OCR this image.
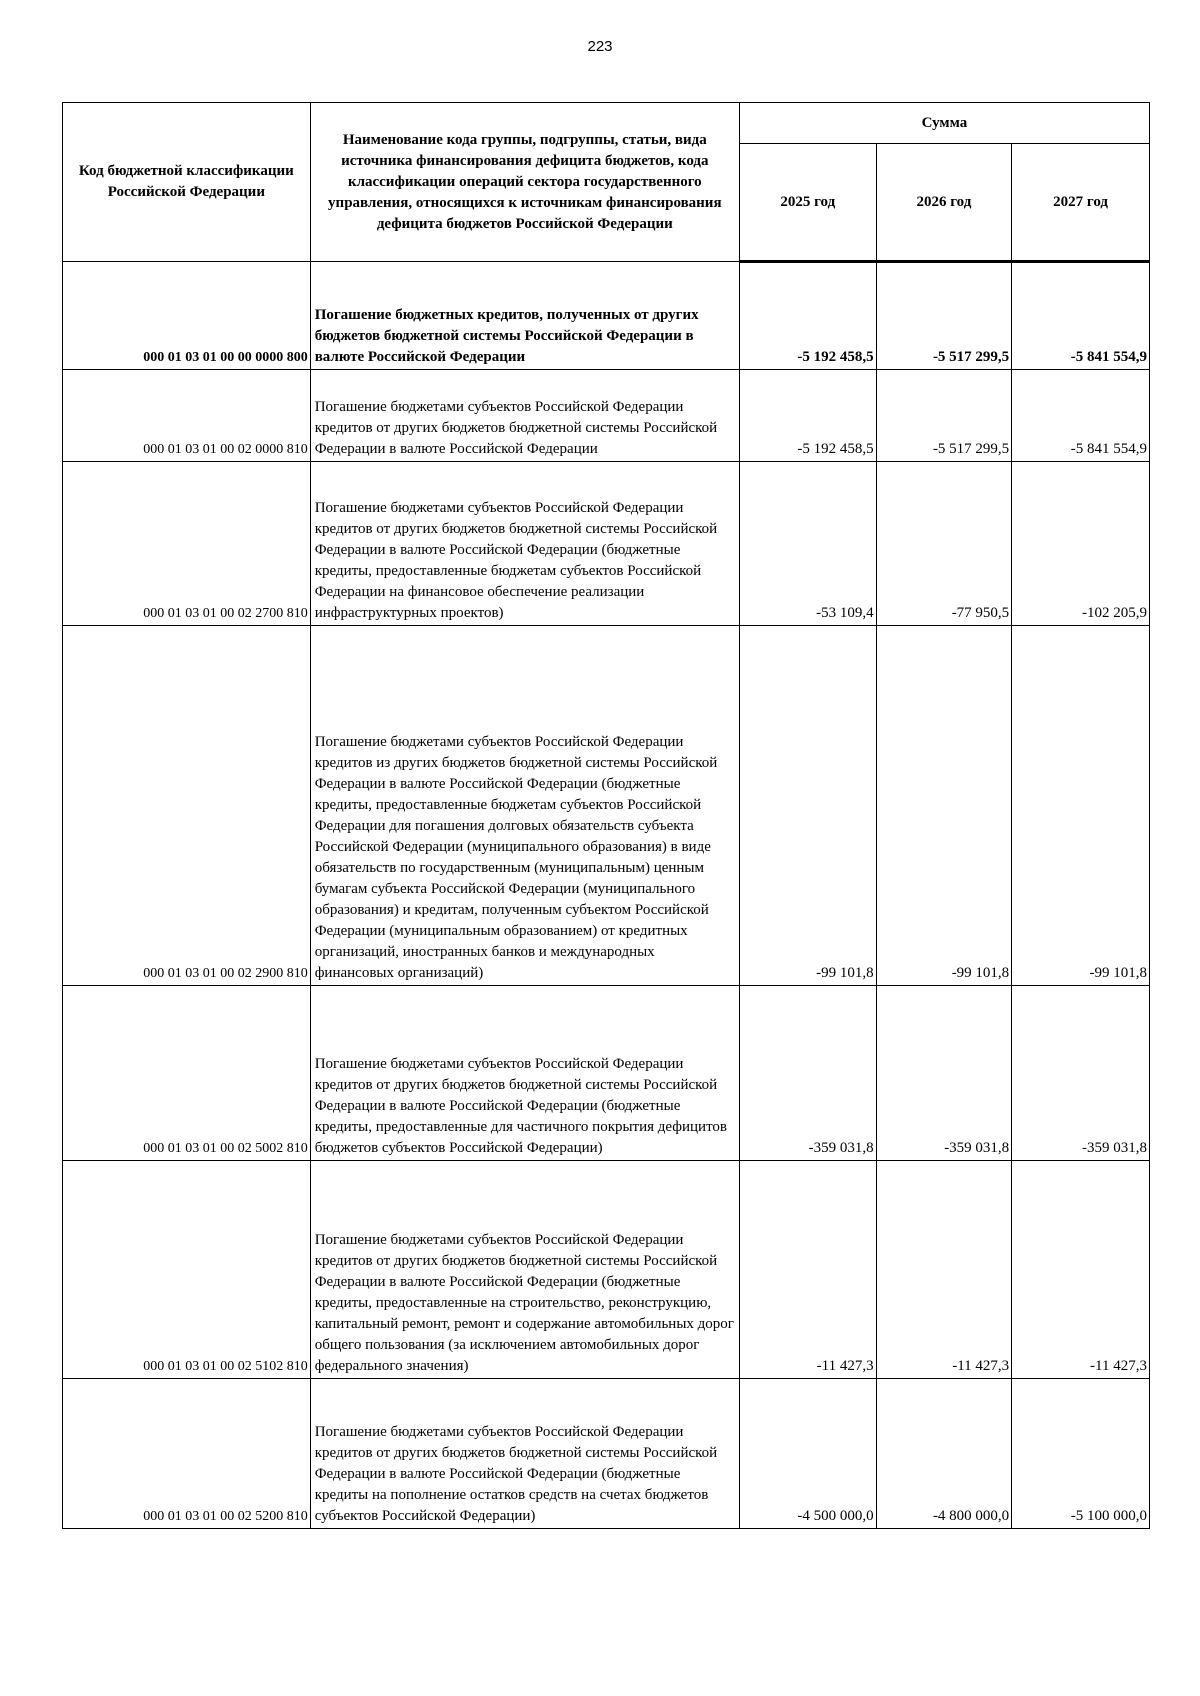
223
Код бюджетной классификации Российской Федерации	Наименование кода группы, подгруппы, статьи, вида источника финансирования дефицита бюджетов, кода классификации операций сектора государственного управления, относящихся к источникам финансирования дефицита бюджетов Российской Федерации	Сумма		
		2025 год	2026 год	2027 год
000 01 03 01 00 00 0000 800	Погашение бюджетных кредитов, полученных от других бюджетов бюджетной системы Российской Федерации в валюте Российской Федерации	-5 192 458,5	-5 517 299,5	-5 841 554,9
000 01 03 01 00 02 0000 810	Погашение бюджетами субъектов Российской Федерации кредитов от других бюджетов бюджетной системы Российской Федерации в валюте Российской Федерации	-5 192 458,5	-5 517 299,5	-5 841 554,9
000 01 03 01 00 02 2700 810	Погашение бюджетами субъектов Российской Федерации кредитов от других бюджетов бюджетной системы Российской Федерации в валюте Российской Федерации (бюджетные кредиты, предоставленные бюджетам субъектов Российской Федерации на финансовое обеспечение реализации инфраструктурных проектов)	-53 109,4	-77 950,5	-102 205,9
000 01 03 01 00 02 2900 810	Погашение бюджетами субъектов Российской Федерации кредитов из других бюджетов бюджетной системы Российской Федерации в валюте Российской Федерации (бюджетные кредиты, предоставленные бюджетам субъектов Российской Федерации для погашения долговых обязательств субъекта Российской Федерации (муниципального образования) в виде обязательств по государственным (муниципальным) ценным бумагам субъекта Российской Федерации (муниципального образования) и кредитам, полученным субъектом Российской Федерации (муниципальным образованием) от кредитных организаций, иностранных банков и международных финансовых организаций)	-99 101,8	-99 101,8	-99 101,8
000 01 03 01 00 02 5002 810	Погашение бюджетами субъектов Российской Федерации кредитов от других бюджетов бюджетной системы Российской Федерации в валюте Российской Федерации (бюджетные кредиты, предоставленные для частичного покрытия дефицитов бюджетов субъектов Российской Федерации)	-359 031,8	-359 031,8	-359 031,8
000 01 03 01 00 02 5102 810	Погашение бюджетами субъектов Российской Федерации кредитов от других бюджетов бюджетной системы Российской Федерации в валюте Российской Федерации (бюджетные кредиты, предоставленные на строительство, реконструкцию, капитальный ремонт, ремонт и содержание автомобильных дорог общего пользования (за исключением автомобильных дорог федерального значения)	-11 427,3	-11 427,3	-11 427,3
000 01 03 01 00 02 5200 810	Погашение бюджетами субъектов Российской Федерации кредитов от других бюджетов бюджетной системы Российской Федерации в валюте Российской Федерации (бюджетные кредиты на пополнение остатков средств на счетах бюджетов субъектов Российской Федерации)	-4 500 000,0	-4 800 000,0	-5 100 000,0
